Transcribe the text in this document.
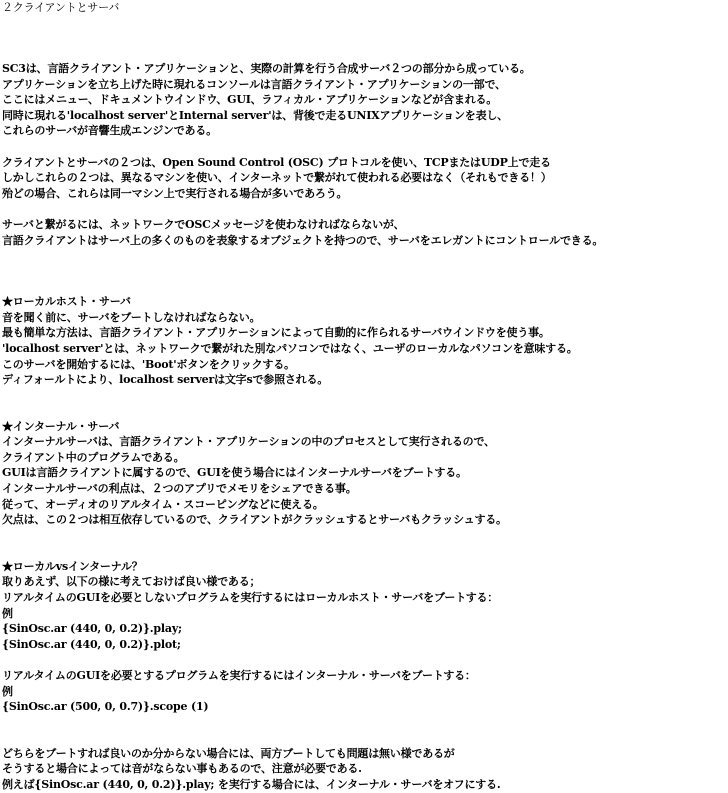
２クライアントとサーバ
SC3は、言語クライアント・アプリケーションと、実際の計算を行う合成サーバ２つの部分から成っている。
アプリケーションを立ち上げた時に現れるコンソールは言語クライアント・アプリケーションの一部で、
ここにはメニュー、ドキュメントウインドウ、GUI、ラフィカル・アプリケーションなどが含まれる。
同時に現れる'localhost server'とInternal server'は、背後で走るUNIXアプリケーションを表し、
これらのサーバが音響生成エンジンである。
クライアントとサーバの２つは、Open Sound Control (OSC) プロトコルを使い、TCPまたはUDP上で走る
しかしこれらの２つは、異なるマシンを使い、インターネットで繋がれて使われる必要はなく（それもできる！）
殆どの場合、これらは同一マシン上で実行される場合が多いであろう。
サーバと繋がるには、ネットワークでOSCメッセージを使わなければならないが、
言語クライアントはサーバ上の多くのものを表象するオブジェクトを持つので、サーバをエレガントにコントロールできる。
★ローカルホスト・サーバ
音を聞く前に、サーバをブートしなければならない。
最も簡単な方法は、言語クライアント・アプリケーションによって自動的に作られるサーバウインドウを使う事。
'localhost server'とは、ネットワークで繋がれた別なパソコンではなく、ユーザのローカルなパソコンを意味する。
このサーバを開始するには、'Boot'ボタンをクリックする。
ディフォールトにより、localhost serverは文字sで参照される。
★インターナル・サーバ
インターナルサーバは、言語クライアント・アプリケーションの中のプロセスとして実行されるので、
クライアント中のプログラムである。
GUIは言語クライアントに属するので、GUIを使う場合にはインターナルサーバをブートする。
インターナルサーバの利点は、２つのアプリでメモリをシェアできる事。
従って、オーディオのリアルタイム・スコーピングなどに使える。
欠点は、この２つは相互依存しているので、クライアントがクラッシュするとサーバもクラッシュする。
★ローカルvsインターナル？
取りあえず、以下の様に考えておけば良い様である；
リアルタイムのGUIを必要としないプログラムを実行するにはローカルホスト・サーバをブートする：
例
{SinOsc.ar (440, 0, 0.2)}.play;
{SinOsc.ar (440, 0, 0.2)}.plot;
リアルタイムのGUIを必要とするプログラムを実行するにはインターナル・サーバをブートする：
例
{SinOsc.ar (500, 0, 0.7)}.scope (1)
どちらをブートすれば良いのか分からない場合には、両方ブートしても問題は無い様であるが
そうすると場合によっては音がならない事もあるので、注意が必要である.
例えば{SinOsc.ar (440, 0, 0.2)}.play; を実行する場合には、インターナル・サーバをオフにする.
